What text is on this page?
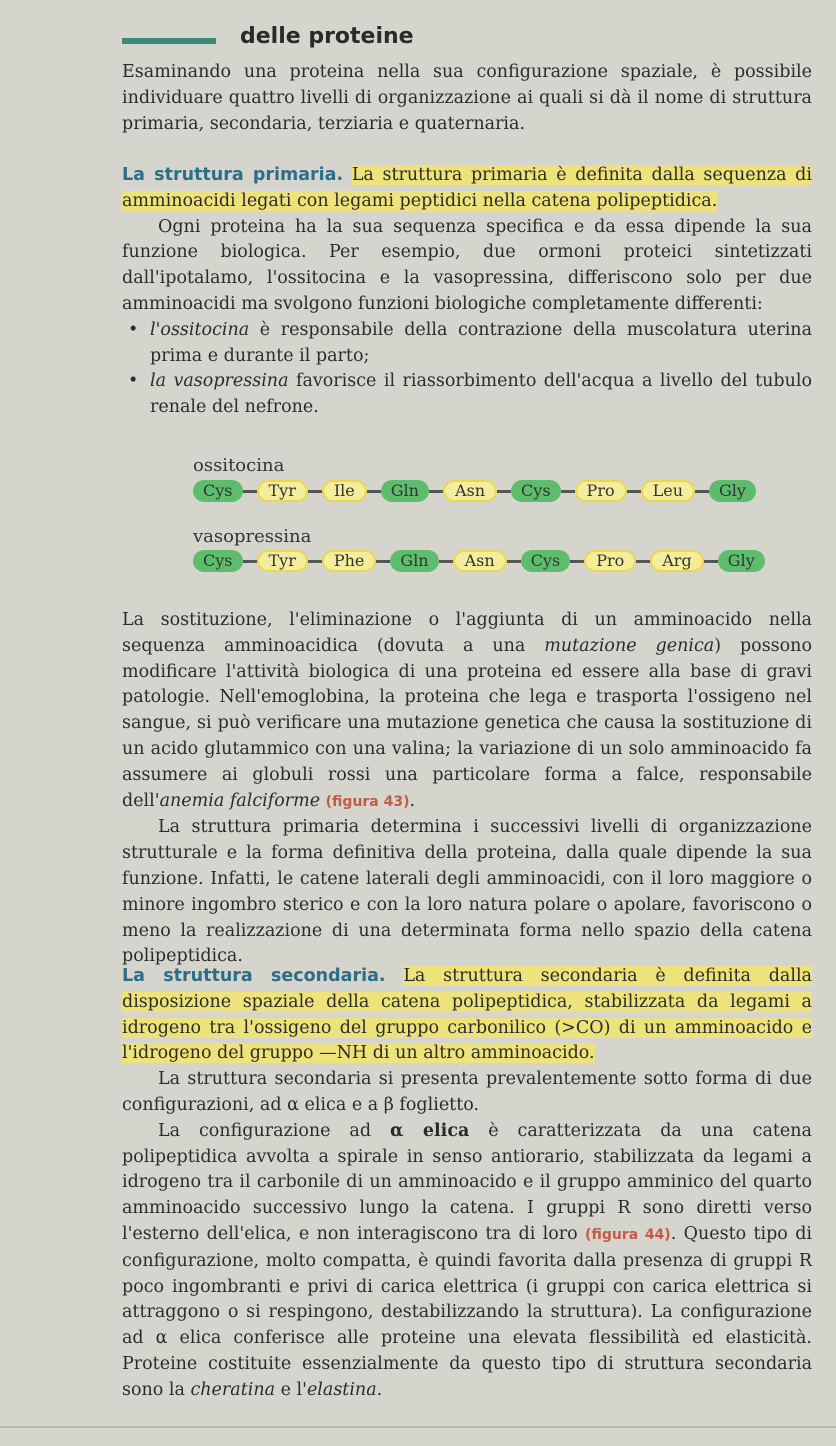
delle proteine

Esaminando una proteina nella sua configurazione spaziale, è possibile individuare quattro livelli di organizzazione ai quali si dà il nome di struttura primaria, secondaria, terziaria e quaternaria.

La struttura primaria. La struttura primaria è definita dalla sequenza di amminoacidi legati con legami peptidici nella catena polipeptidica.

Ogni proteina ha la sua sequenza specifica e da essa dipende la sua funzione biologica. Per esempio, due ormoni proteici sintetizzati dall'ipotalamo, l'ossitocina e la vasopressina, differiscono solo per due amminoacidi ma svolgono funzioni biologiche completamente differenti:

• l'ossitocina è responsabile della contrazione della muscolatura uterina prima e durante il parto;
• la vasopressina favorisce il riassorbimento dell'acqua a livello del tubulo renale del nefrone.
ossitocina
Cys	Tyr	Ile	Gln	Asn	Cys	Pro	Leu	Gly
vasopressina
Cys	Tyr	Phe	Gln	Asn	Cys	Pro	Arg	Gly

La sostituzione, l'eliminazione o l'aggiunta di un amminoacido nella sequenza amminoacidica (dovuta a una mutazione genica) possono modificare l'attività biologica di una proteina ed essere alla base di gravi patologie. Nell'emoglobina, la proteina che lega e trasporta l'ossigeno nel sangue, si può verificare una mutazione genetica che causa la sostituzione di un acido glutammico con una valina; la variazione di un solo amminoacido fa assumere ai globuli rossi una particolare forma a falce, responsabile dell'anemia falciforme (figura 43).

La struttura primaria determina i successivi livelli di organizzazione strutturale e la forma definitiva della proteina, dalla quale dipende la sua funzione. Infatti, le catene laterali degli amminoacidi, con il loro maggiore o minore ingombro sterico e con la loro natura polare o apolare, favoriscono o meno la realizzazione di una determinata forma nello spazio della catena polipeptidica.

La struttura secondaria. La struttura secondaria è definita dalla disposizione spaziale della catena polipeptidica, stabilizzata da legami a idrogeno tra l'ossigeno del gruppo carbonilico (>CO) di un amminoacido e l'idrogeno del gruppo —NH di un altro amminoacido.

La struttura secondaria si presenta prevalentemente sotto forma di due configurazioni, ad α elica e a β foglietto.

La configurazione ad α elica è caratterizzata da una catena polipeptidica avvolta a spirale in senso antiorario, stabilizzata da legami a idrogeno tra il carbonile di un amminoacido e il gruppo amminico del quarto amminoacido successivo lungo la catena. I gruppi R sono diretti verso l'esterno dell'elica, e non interagiscono tra di loro (figura 44). Questo tipo di configurazione, molto compatta, è quindi favorita dalla presenza di gruppi R poco ingombranti e privi di carica elettrica (i gruppi con carica elettrica si attraggono o si respingono, destabilizzando la struttura). La configurazione ad α elica conferisce alle proteine una elevata flessibilità ed elasticità. Proteine costituite essenzialmente da questo tipo di struttura secondaria sono la cheratina e l'elastina.
